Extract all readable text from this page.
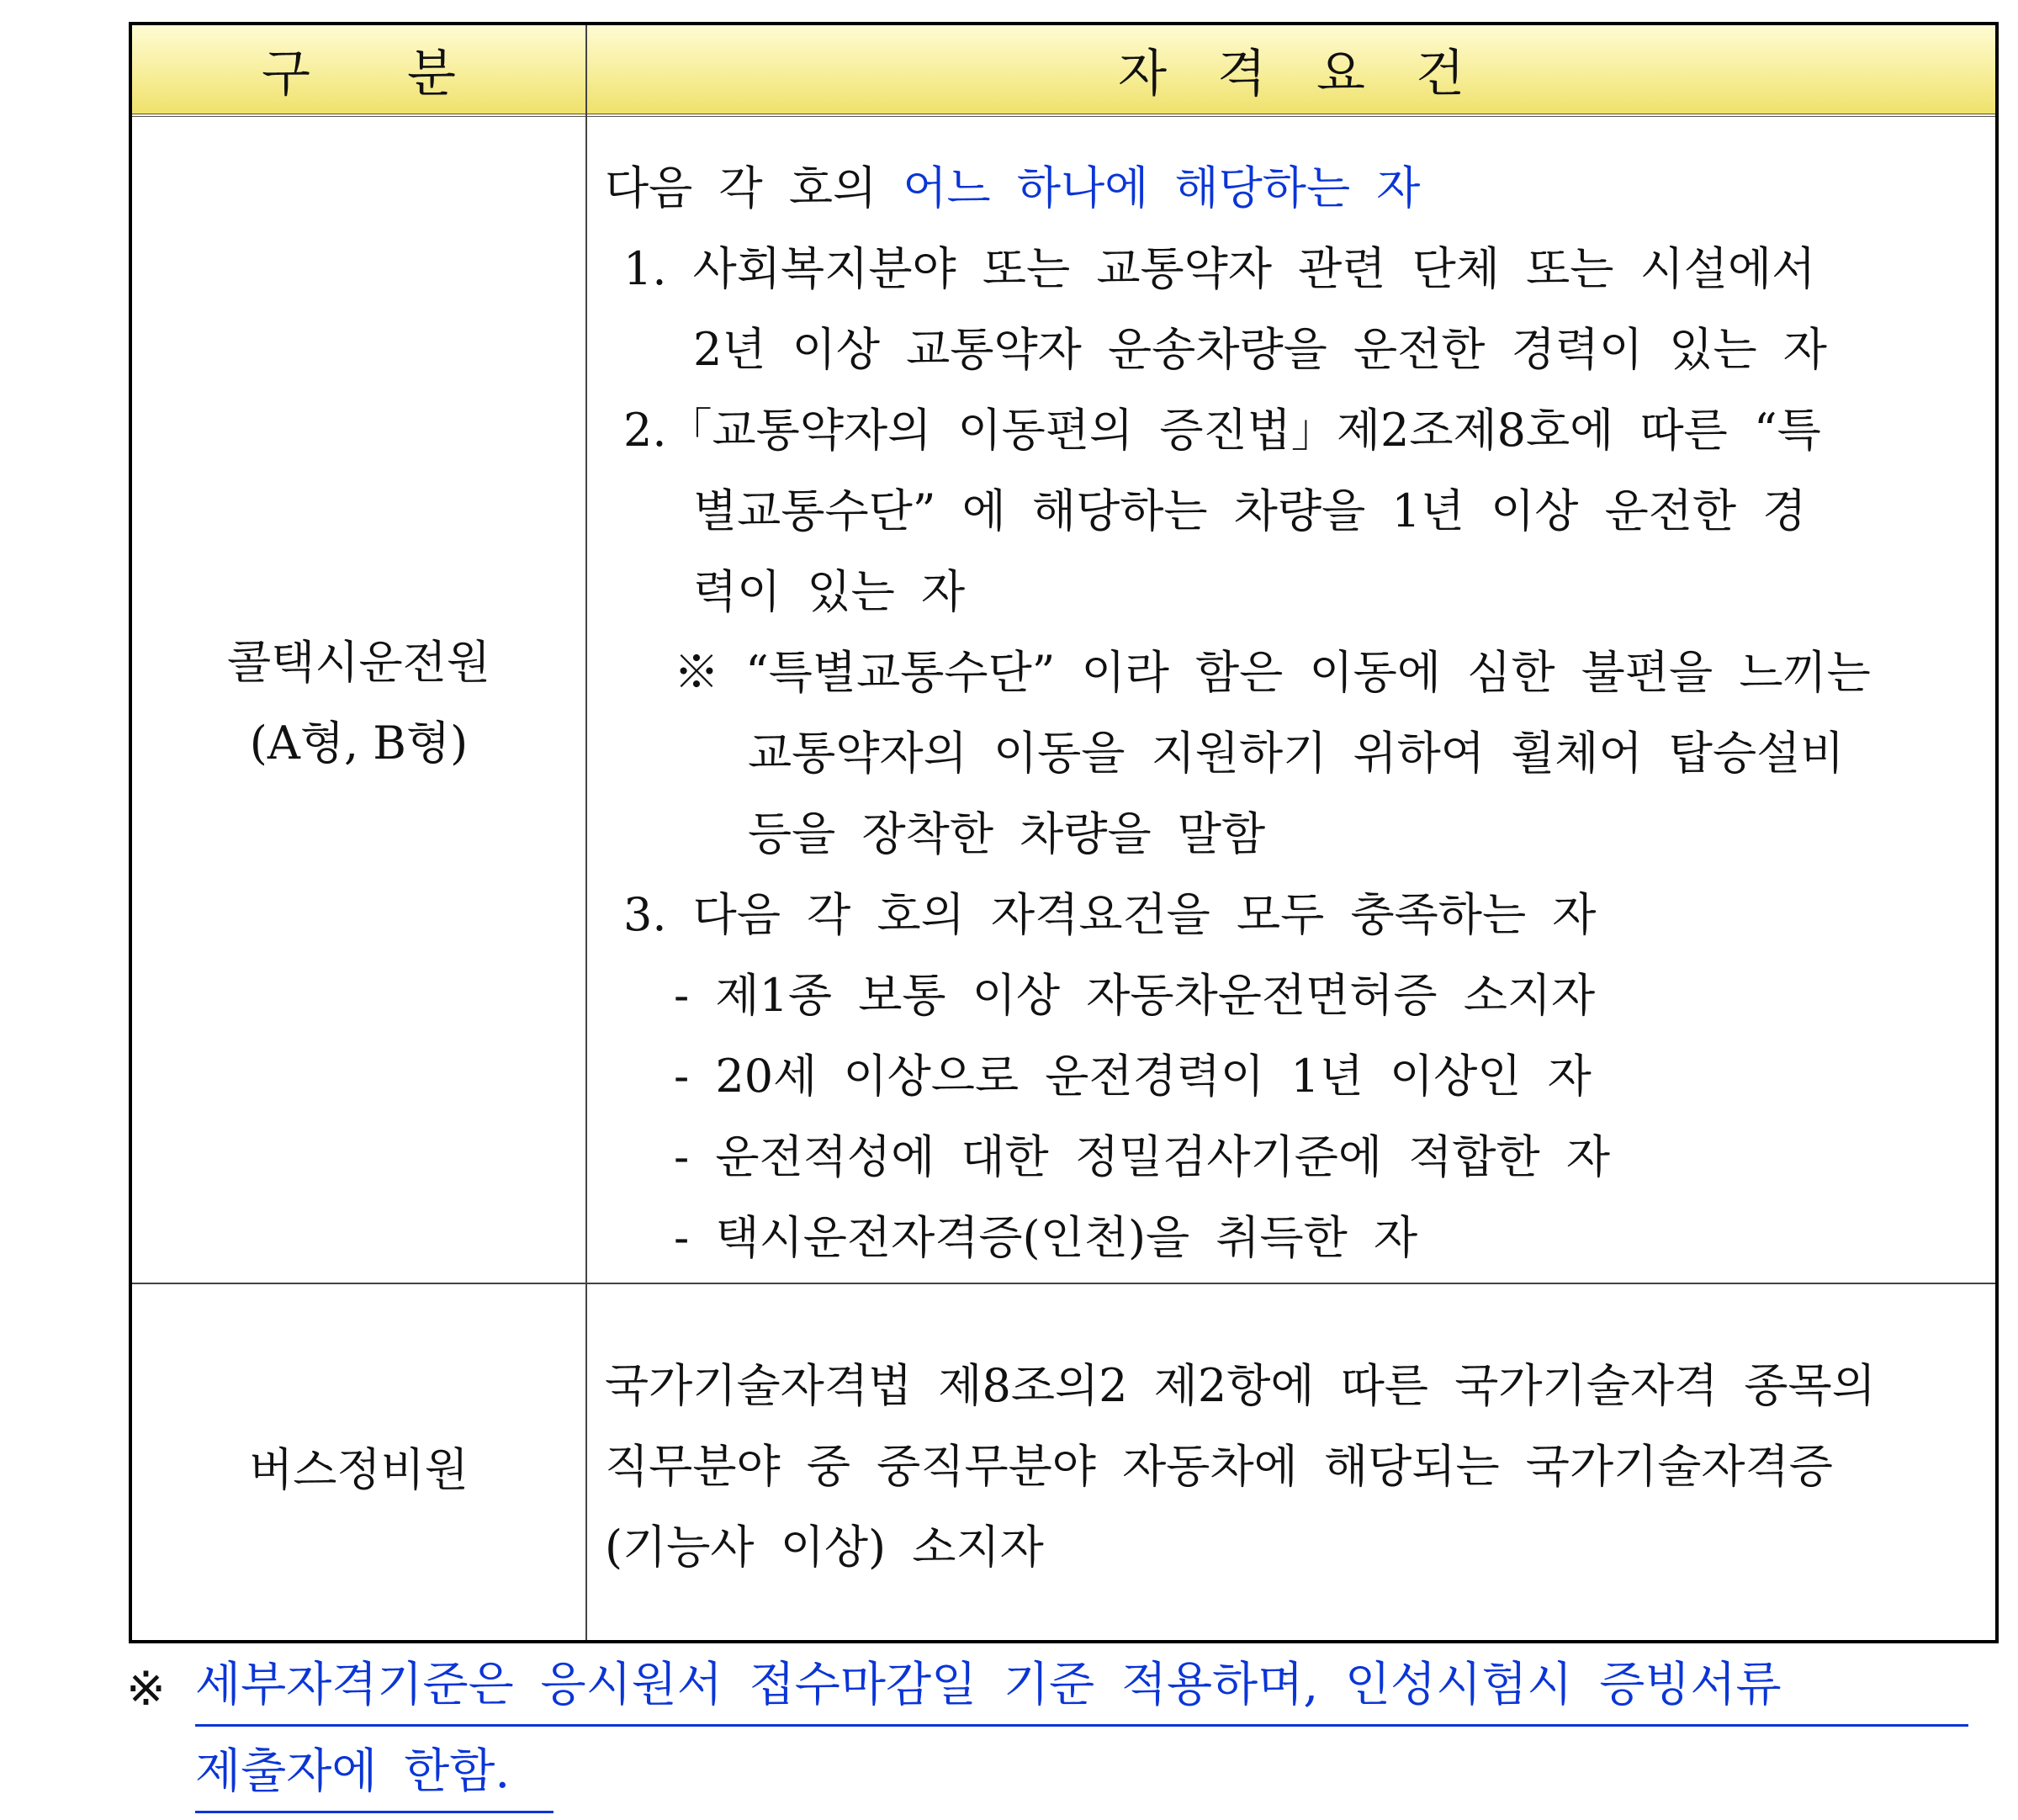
구 분	자 격 요 건
콜택시운전원
(A형, B형)
다음 각 호의 어느 하나에 해당하는 자
1. 사회복지분야 또는 교통약자 관련 단체 또는 시설에서
2년 이상 교통약자 운송차량을 운전한 경력이 있는 자
2.「교통약자의 이동편의 증진법」제2조제8호에 따른 “특
별교통수단” 에 해당하는 차량을 1년 이상 운전한 경
력이 있는 자
※ “특별교통수단” 이라 함은 이동에 심한 불편을 느끼는
교통약자의 이동을 지원하기 위하여 휠체어 탑승설비
등을 장착한 차량을 말함
3. 다음 각 호의 자격요건을 모두 충족하는 자
- 제1종 보통 이상 자동차운전면허증 소지자
- 20세 이상으로 운전경력이 1년 이상인 자
- 운전적성에 대한 정밀검사기준에 적합한 자
- 택시운전자격증(인천)을 취득한 자
버스정비원
국가기술자격법 제8조의2 제2항에 따른 국가기술자격 종목의
직무분야 중 중직무분야 자동차에 해당되는 국가기술자격증
(기능사 이상) 소지자
※ 세부자격기준은 응시원서 접수마감일 기준 적용하며, 인성시험시 증빙서류
제출자에 한함.
